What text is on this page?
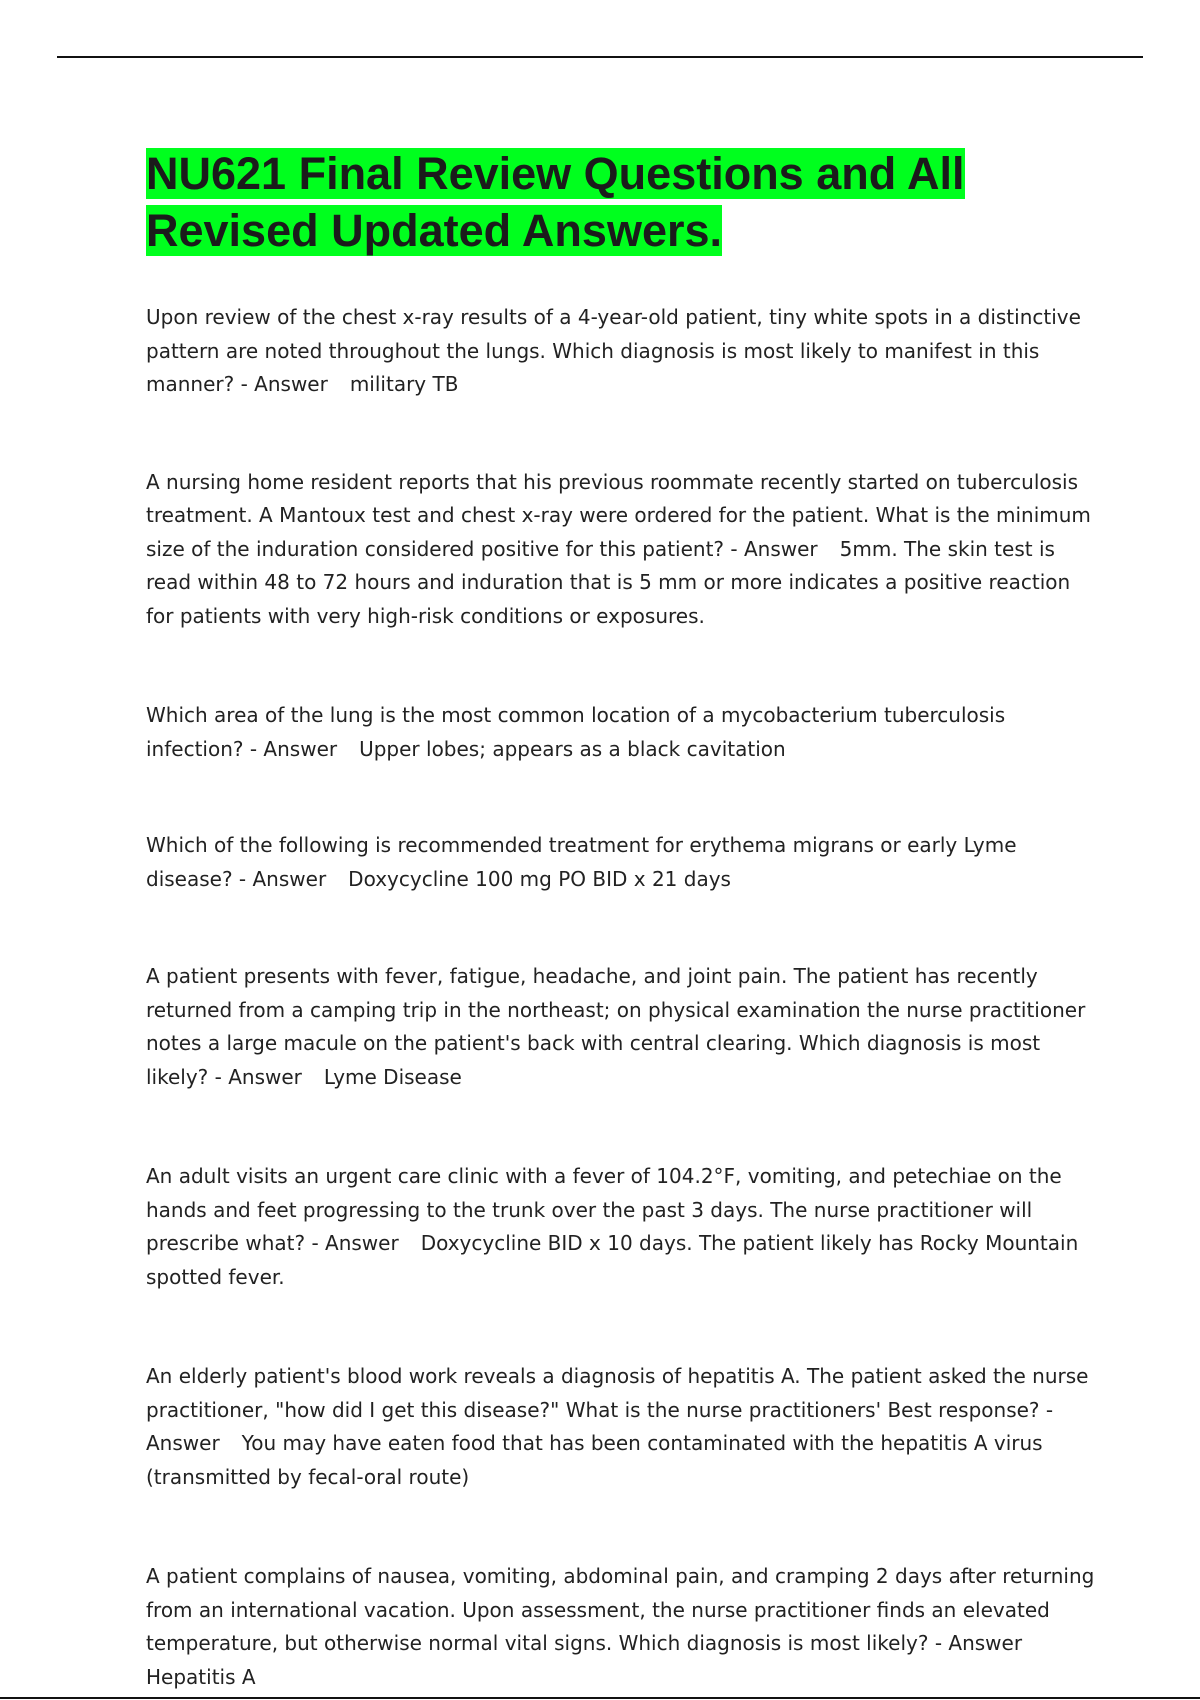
NU621 Final Review Questions and All
Revised Updated Answers.
Upon review of the chest x-ray results of a 4-year-old patient, tiny white spots in a distinctive pattern are noted throughout the lungs. Which diagnosis is most likely to manifest in this manner? - Answer military TB
A nursing home resident reports that his previous roommate recently started on tuberculosis treatment. A Mantoux test and chest x-ray were ordered for the patient. What is the minimum size of the induration considered positive for this patient? - Answer 5mm. The skin test is read within 48 to 72 hours and induration that is 5 mm or more indicates a positive reaction for patients with very high-risk conditions or exposures.
Which area of the lung is the most common location of a mycobacterium tuberculosis infection? - Answer Upper lobes; appears as a black cavitation
Which of the following is recommended treatment for erythema migrans or early Lyme disease? - Answer Doxycycline 100 mg PO BID x 21 days
A patient presents with fever, fatigue, headache, and joint pain. The patient has recently returned from a camping trip in the northeast; on physical examination the nurse practitioner notes a large macule on the patient's back with central clearing. Which diagnosis is most likely? - Answer Lyme Disease
An adult visits an urgent care clinic with a fever of 104.2°F, vomiting, and petechiae on the hands and feet progressing to the trunk over the past 3 days. The nurse practitioner will prescribe what? - Answer Doxycycline BID x 10 days. The patient likely has Rocky Mountain spotted fever.
An elderly patient's blood work reveals a diagnosis of hepatitis A. The patient asked the nurse practitioner, "how did I get this disease?" What is the nurse practitioners' Best response? - Answer You may have eaten food that has been contaminated with the hepatitis A virus (transmitted by fecal-oral route)
A patient complains of nausea, vomiting, abdominal pain, and cramping 2 days after returning from an international vacation. Upon assessment, the nurse practitioner finds an elevated temperature, but otherwise normal vital signs. Which diagnosis is most likely? - AnswerHepatitis A
